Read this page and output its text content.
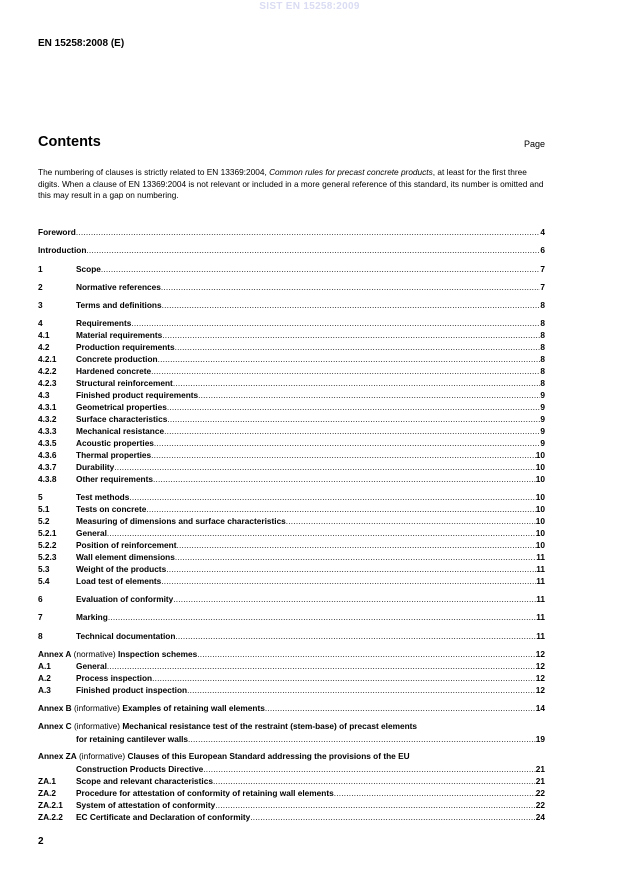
SIST EN 15258:2009
EN 15258:2008 (E)
Contents	Page
The numbering of clauses is strictly related to EN 13369:2004, Common rules for precast concrete products, at least for the first three digits. When a clause of EN 13369:2004 is not relevant or included in a more general reference of this standard, its number is omitted and this may result in a gap on numbering.
Foreword .....	4
Introduction .....	6
1	Scope .....	7
2	Normative references .....	7
3	Terms and definitions .....	8
4	Requirements .....	8
4.1	Material requirements .....	8
4.2	Production requirements .....	8
4.2.1 Concrete production .....	8
4.2.2 Hardened concrete .....	8
4.2.3 Structural reinforcement .....	8
4.3	Finished product requirements .....	9
4.3.1 Geometrical properties .....	9
4.3.2 Surface characteristics .....	9
4.3.3 Mechanical resistance .....	9
4.3.5 Acoustic properties .....	9
4.3.6 Thermal properties .....	10
4.3.7 Durability .....	10
4.3.8 Other requirements .....	10
5	Test methods .....	10
5.1	Tests on concrete .....	10
5.2	Measuring of dimensions and surface characteristics .....	10
5.2.1 General .....	10
5.2.2 Position of reinforcement .....	10
5.2.3 Wall element dimensions .....	11
5.3	Weight of the products .....	11
5.4	Load test of elements .....	11
6	Evaluation of conformity .....	11
7	Marking .....	11
8	Technical documentation .....	11
Annex A (normative) Inspection schemes .....	12
A.1	General .....	12
A.2	Process inspection .....	12
A.3	Finished product inspection .....	12
Annex B (informative) Examples of retaining wall elements .....	14
Annex C (informative) Mechanical resistance test of the restraint (stem-base) of precast elements
for retaining cantilever walls .....	19
Annex ZA (informative) Clauses of this European Standard addressing the provisions of the EU
Construction Products Directive .....	21
ZA.1 Scope and relevant characteristics .....	21
ZA.2 Procedure for attestation of conformity of retaining wall elements .....	22
ZA.2.1 System of attestation of conformity .....	22
ZA.2.2 EC Certificate and Declaration of conformity .....	24
2
